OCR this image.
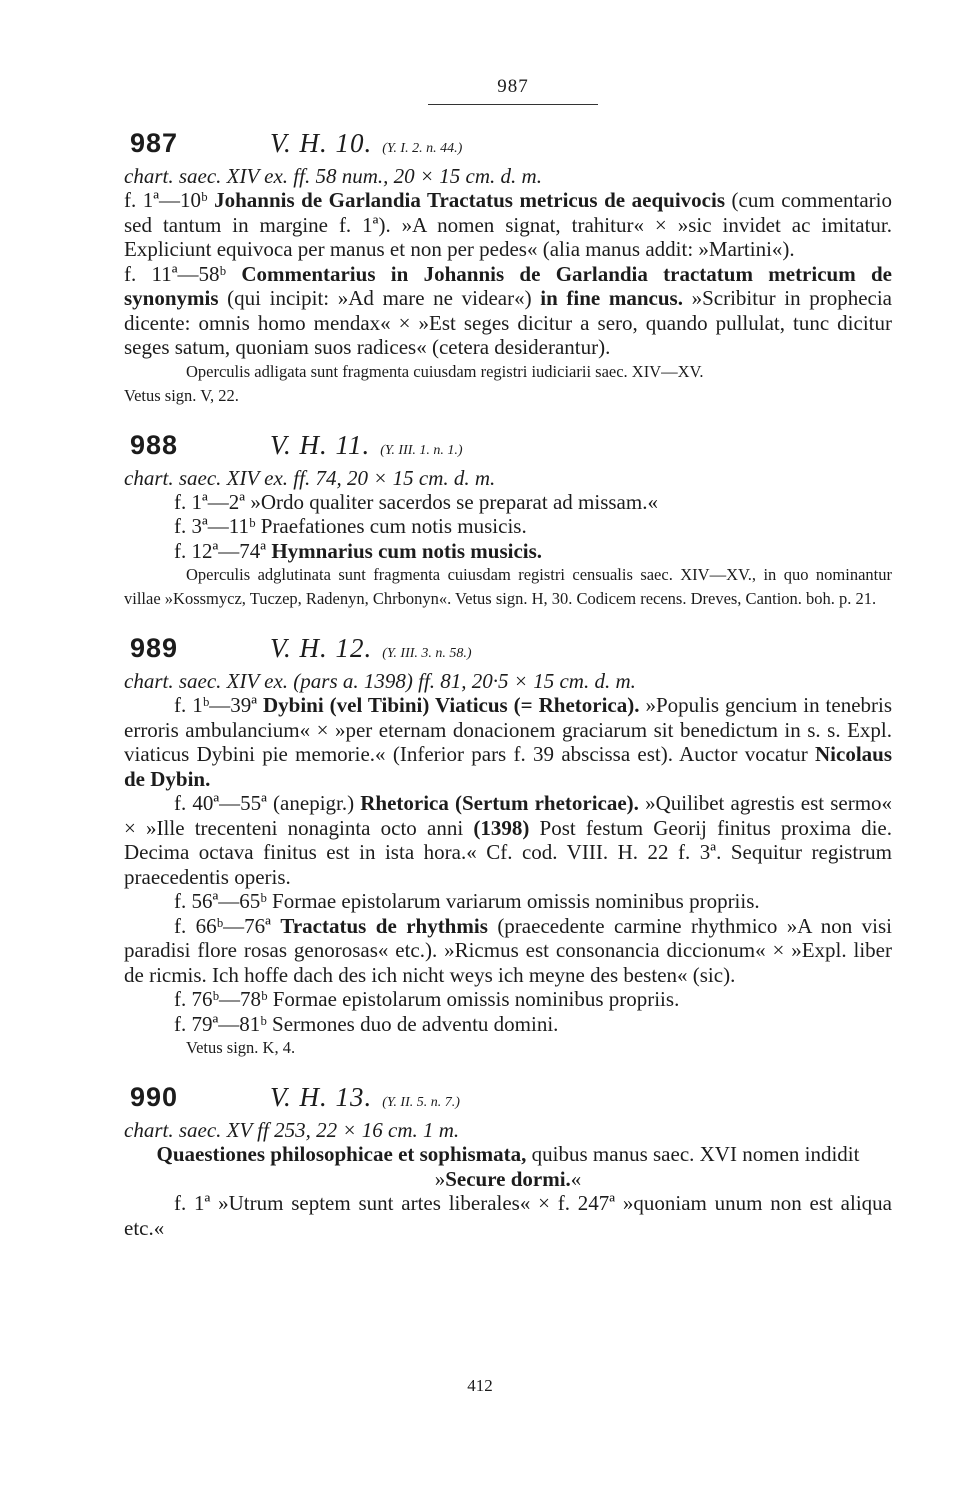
987
987	V. H. 10. (Y. I. 2. n. 44.)
chart. saec. XIV ex. ff. 58 num., 20 × 15 cm. d. m.

f. 1ª—10ᵇ Johannis de Garlandia Tractatus metricus de aequivocis (cum commentario sed tantum in margine f. 1ª). »A nomen signat, trahitur« × »sic invidet ac imitatur. Expliciunt equivoca per manus et non per pedes« (alia manus addit: »Martini«).

f. 11ª—58ᵇ Commentarius in Johannis de Garlandia tractatum metricum de synonymis (qui incipit: »Ad mare ne videar«) in fine mancus. »Scribitur in prophecia dicente: omnis homo mendax« × »Est seges dicitur a sero, quando pullulat, tunc dicitur seges satum, quoniam suos radices« (cetera desiderantur).

Operculis adligata sunt fragmenta cuiusdam registri iudiciarii saec. XIV—XV.

Vetus sign. V, 22.

988	V. H. 11. (Y. III. 1. n. 1.)
chart. saec. XIV ex. ff. 74, 20 × 15 cm. d. m.

f. 1ª—2ª »Ordo qualiter sacerdos se preparat ad missam.«

f. 3ª—11ᵇ Praefationes cum notis musicis.

f. 12ª—74ª Hymnarius cum notis musicis.

Operculis adglutinata sunt fragmenta cuiusdam registri censualis saec. XIV—XV., in quo nominantur villae »Kossmycz, Tuczep, Radenyn, Chrbonyn«. Vetus sign. H, 30. Codicem recens. Dreves, Cantion. boh. p. 21.

989	V. H. 12. (Y. III. 3. n. 58.)
chart. saec. XIV ex. (pars a. 1398) ff. 81, 20·5 × 15 cm. d. m.

f. 1ᵇ—39ª Dybini (vel Tibini) Viaticus (= Rhetorica). »Populis gencium in tenebris erroris ambulancium« × »per eternam donacionem graciarum sit benedictum in s. s. Expl. viaticus Dybini pie memorie.« (Inferior pars f. 39 abscissa est). Auctor vocatur Nicolaus de Dybin.

f. 40ª—55ª (anepigr.) Rhetorica (Sertum rhetoricae). »Quilibet agrestis est sermo« × »Ille trecenteni nonaginta octo anni (1398) Post festum Georij finitus proxima die. Decima octava finitus est in ista hora.« Cf. cod. VIII. H. 22 f. 3ª. Sequitur registrum praecedentis operis.

f. 56ª—65ᵇ Formae epistolarum variarum omissis nominibus propriis.

f. 66ᵇ—76ª Tractatus de rhythmis (praecedente carmine rhythmico »A non visi paradisi flore rosas genorosas« etc.). »Ricmus est consonancia diccionum« × »Expl. liber de ricmis. Ich hoffe dach des ich nicht weys ich meyne des besten« (sic).

f. 76ᵇ—78ᵇ Formae epistolarum omissis nominibus propriis.

f. 79ª—81ᵇ Sermones duo de adventu domini.

Vetus sign. K, 4.

990	V. H. 13. (Y. II. 5. n. 7.)
chart. saec. XV ff 253, 22 × 16 cm. 1 m.

Quaestiones philosophicae et sophismata, quibus manus saec. XVI nomen indidit »Secure dormi.«

f. 1ª »Utrum septem sunt artes liberales« × f. 247ª »quoniam unum non est aliqua etc.«

412
